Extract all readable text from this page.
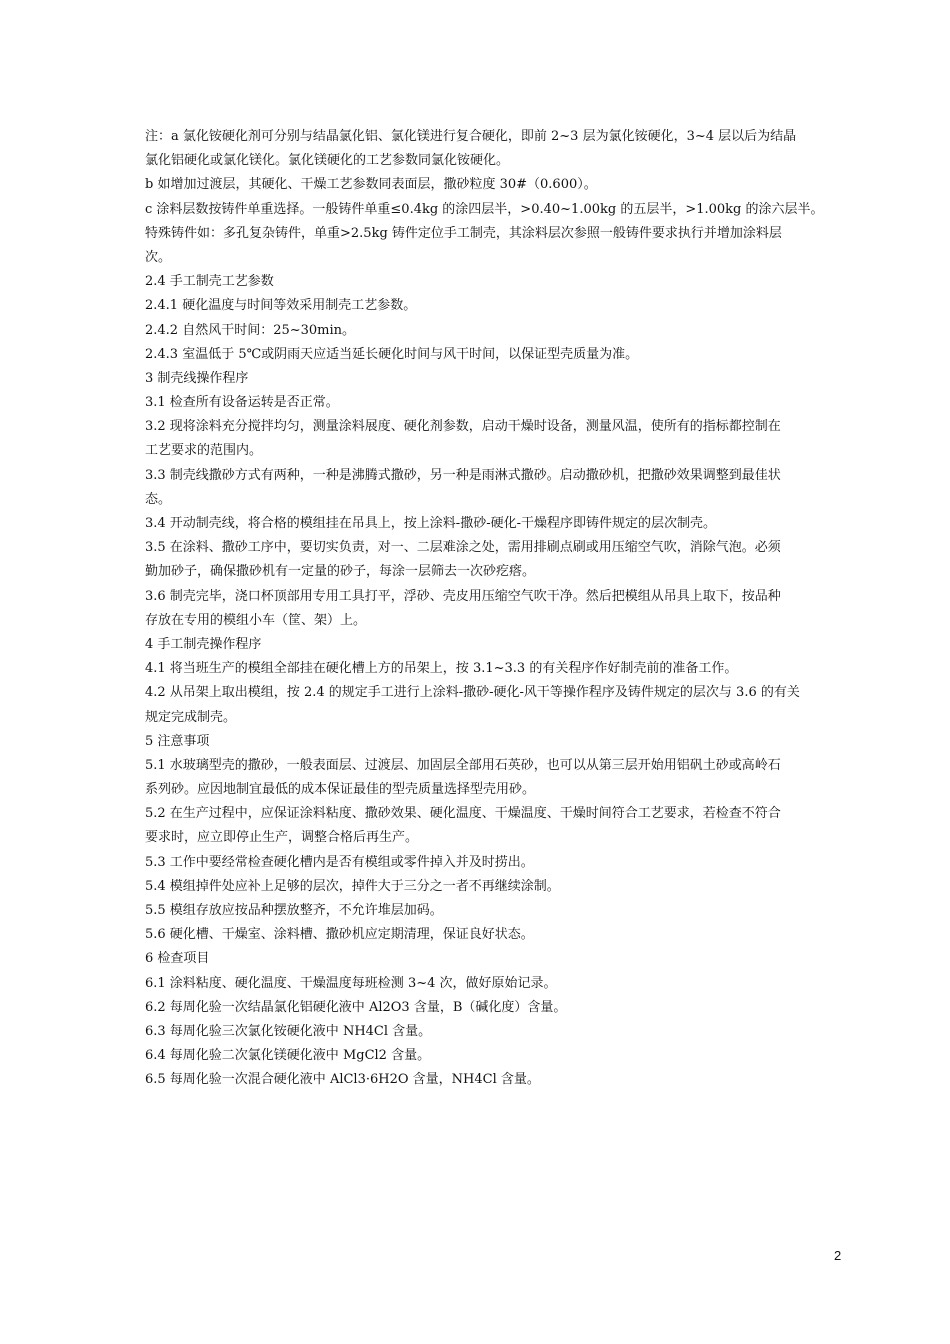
注：a 氯化铵硬化剂可分别与结晶氯化铝、氯化镁进行复合硬化，即前 2~3 层为氯化铵硬化，3~4 层以后为结晶
氯化铝硬化或氯化镁化。氯化镁硬化的工艺参数同氯化铵硬化。
b 如增加过渡层，其硬化、干燥工艺参数同表面层，撒砂粒度 30#（0.600）。
c 涂料层数按铸件单重选择。一般铸件单重≤0.4kg 的涂四层半，>0.40~1.00kg 的五层半，>1.00kg 的涂六层半。
特殊铸件如：多孔复杂铸件，单重>2.5kg 铸件定位手工制壳，其涂料层次参照一般铸件要求执行并增加涂料层
次。
2.4 手工制壳工艺参数
2.4.1 硬化温度与时间等效采用制壳工艺参数。
2.4.2 自然风干时间：25~30min。
2.4.3 室温低于 5℃或阴雨天应适当延长硬化时间与风干时间，以保证型壳质量为准。
3 制壳线操作程序
3.1 检查所有设备运转是否正常。
3.2 现将涂料充分搅拌均匀，测量涂料展度、硬化剂参数，启动干燥时设备，测量风温，使所有的指标都控制在
工艺要求的范围内。
3.3 制壳线撒砂方式有两种，一种是沸腾式撒砂，另一种是雨淋式撒砂。启动撒砂机，把撒砂效果调整到最佳状
态。
3.4 开动制壳线，将合格的模组挂在吊具上，按上涂料-撒砂-硬化-干燥程序即铸件规定的层次制壳。
3.5 在涂料、撒砂工序中，要切实负责，对一、二层难涂之处，需用排刷点刷或用压缩空气吹，消除气泡。必须
勤加砂子，确保撒砂机有一定量的砂子，每涂一层筛去一次砂疙瘩。
3.6 制壳完毕，浇口杯顶部用专用工具打平，浮砂、壳皮用压缩空气吹干净。然后把模组从吊具上取下，按品种
存放在专用的模组小车（筐、架）上。
4 手工制壳操作程序
4.1 将当班生产的模组全部挂在硬化槽上方的吊架上，按 3.1~3.3 的有关程序作好制壳前的准备工作。
4.2 从吊架上取出模组，按 2.4 的规定手工进行上涂料-撒砂-硬化-风干等操作程序及铸件规定的层次与 3.6 的有关
规定完成制壳。
5 注意事项
5.1 水玻璃型壳的撒砂，一般表面层、过渡层、加固层全部用石英砂，也可以从第三层开始用铝矾土砂或高岭石
系列砂。应因地制宜最低的成本保证最佳的型壳质量选择型壳用砂。
5.2 在生产过程中，应保证涂料粘度、撒砂效果、硬化温度、干燥温度、干燥时间符合工艺要求，若检查不符合
要求时，应立即停止生产，调整合格后再生产。
5.3 工作中要经常检查硬化槽内是否有模组或零件掉入并及时捞出。
5.4 模组掉件处应补上足够的层次，掉件大于三分之一者不再继续涂制。
5.5 模组存放应按品种摆放整齐，不允许堆层加码。
5.6 硬化槽、干燥室、涂料槽、撒砂机应定期清理，保证良好状态。
6 检查项目
6.1 涂料粘度、硬化温度、干燥温度每班检测 3~4 次，做好原始记录。
6.2 每周化验一次结晶氯化铝硬化液中 Al2O3 含量，B（碱化度）含量。
6.3 每周化验三次氯化铵硬化液中 NH4Cl 含量。
6.4 每周化验二次氯化镁硬化液中 MgCl2 含量。
6.5 每周化验一次混合硬化液中 AlCl3·6H2O 含量，NH4Cl 含量。
2
